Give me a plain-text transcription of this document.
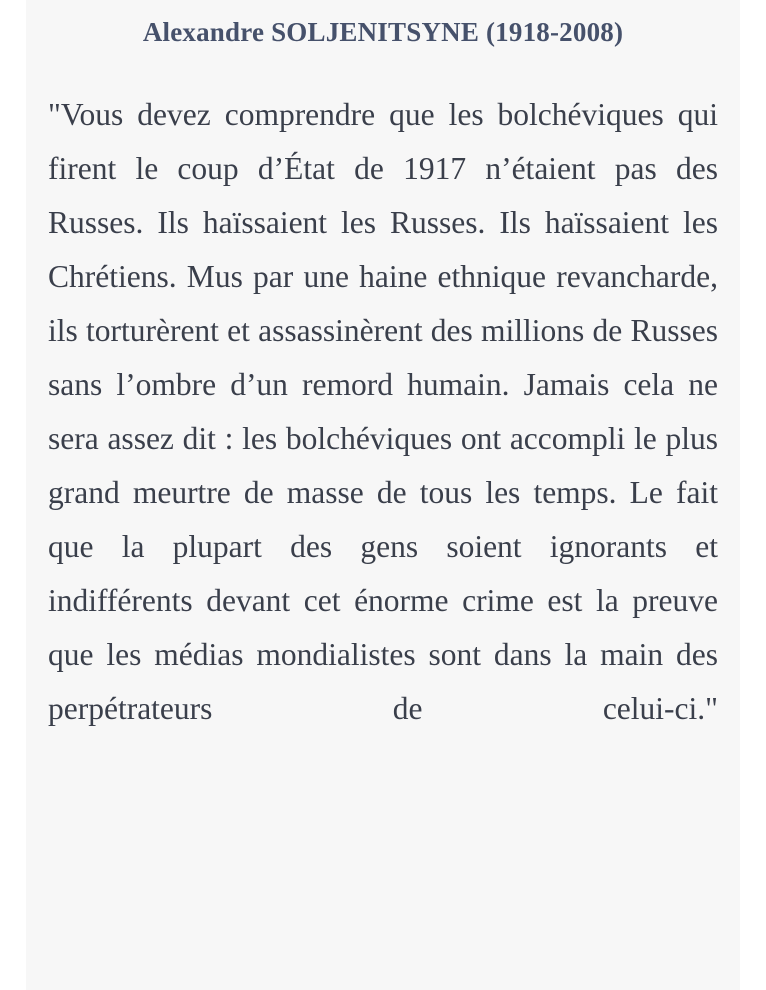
Alexandre SOLJENITSYNE (1918-2008)

"Vous devez comprendre que les bolchéviques qui firent le coup d’État de 1917 n’étaient pas des Russes. Ils haïssaient les Russes. Ils haïssaient les Chrétiens. Mus par une haine ethnique revancharde, ils torturèrent et assassinèrent des millions de Russes sans l’ombre d’un remord humain. Jamais cela ne sera assez dit : les bolchéviques ont accompli le plus grand meurtre de masse de tous les temps. Le fait que la plupart des gens soient ignorants et indifférents devant cet énorme crime est la preuve que les médias mondialistes sont dans la main des perpétrateurs de celui-ci."
